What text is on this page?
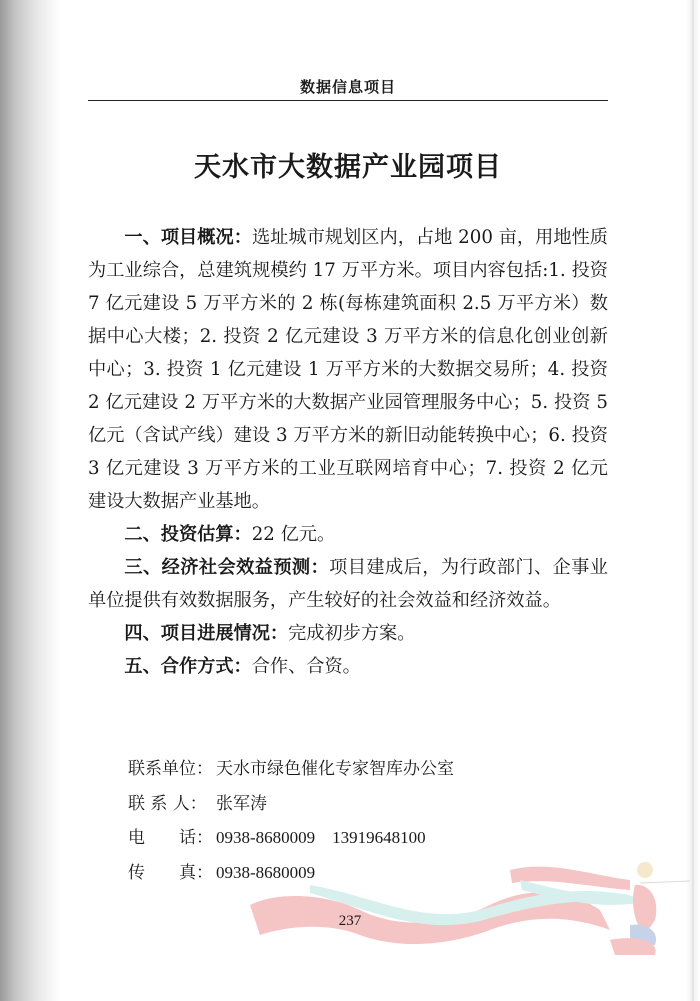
数据信息项目
天水市大数据产业园项目

一、项目概况：选址城市规划区内，占地 200 亩，用地性质为工业综合，总建筑规模约 17 万平方米。项目内容包括:1. 投资 7 亿元建设 5 万平方米的 2 栋(每栋建筑面积 2.5 万平方米）数据中心大楼；2. 投资 2 亿元建设 3 万平方米的信息化创业创新中心；3. 投资 1 亿元建设 1 万平方米的大数据交易所；4. 投资 2 亿元建设 2 万平方米的大数据产业园管理服务中心；5. 投资 5 亿元（含试产线）建设 3 万平方米的新旧动能转换中心；6. 投资 3 亿元建设 3 万平方米的工业互联网培育中心；7. 投资 2 亿元建设大数据产业基地。

二、投资估算：22 亿元。

三、经济社会效益预测：项目建成后，为行政部门、企事业单位提供有效数据服务，产生较好的社会效益和经济效益。

四、项目进展情况：完成初步方案。

五、合作方式：合作、合资。

联系单位： 天水市绿色催化专家智库办公室
联 系 人： 张军涛
电　　话： 0938-8680009　13919648100
传　　真： 0938-8680009
237
